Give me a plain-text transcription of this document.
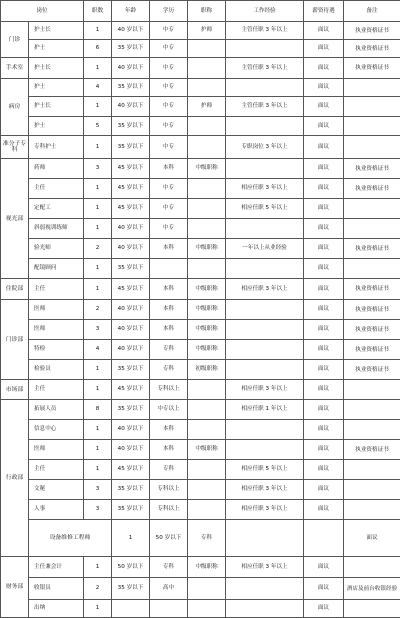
岗位		职数	年龄	学历	职称	工作经验	薪资待遇	备注	
门诊	护士长	1	40 岁以下	中专	护师	主管任职 3 年以上	面议	执业资格证书	
	护士	6	35 岁以下	中专			面议	执业资格证书	
手术室	护士长	1	40 岁以下	中专		主管任职 3 年以上	面议	执业资格证书	
病房	护士	4	35 岁以下	中专			面议		
	护士长	1	40 岁以下	中专	护师	主管任职 3 年以上	面议		
	护士	5	35 岁以下	中专			面议		
准分子专科	专科护士	1	35 岁以下	中专		专职岗位 3 年以上	面议		
视光部	药师	3	45 岁以下	本科	中级职称		面议	执业资格证书	
	主任	1	45 岁以下	中专		相应任职 3 年以上	面议	执业资格证书	
	定配工	1	45 岁以下	中专		相应任职 5 年以上	面议		
	斜弱视训练师	1	40 岁以下	中专			面议		
	验光师	2	40 岁以下	本科	中级职称	一年以上从业经验	面议	执业资格证书	
	配镜顾问	1	35 岁以下				面议		
住院部	主任	1	45 岁以下	本科	中级职称	相应任职 3 年以上	面议	执业资格证书	
门诊部	医师	2	40 岁以下	本科	中级职称		面议	执业资格证书	
	医师	3	40 岁以下	本科	中级职称		面议	执业资格证书	
	特检	4	40 岁以下	专科	中级职称		面议	执业资格证书	
	检验员	1	35 岁以下	专科	初级职称		面议	执业资格证书	
市场部	主任	1	45 岁以下	专科以上		相应任职 3 年以上	面议		
行政部	拓展人员	8	35 岁以下	中专以上		相应任职 1 年以上	面议		
	信息中心	1	40 岁以下	本科			面议		
	医师	1	40 岁以下	本科	中级职称		面议	执业资格证书	
	主任	1	45 岁以下	专科		相应任职 5 年以上	面议		
	文秘	3	35 岁以下	专科以上		相应任职 3 年以上	面议		
	人事	3	35 岁以下	专科以上		相应任职 3 年以上	面议		
	设备维修工程师		1	50 岁以下	专科			面议	
财务部	主任兼会计	1	50 岁以下	专科	中级职称	相应任职 3 年以上	面议		
	收银员	2	35 岁以下	高中			面议	酒店及前台收银经验	
	出纳	1					面议		
